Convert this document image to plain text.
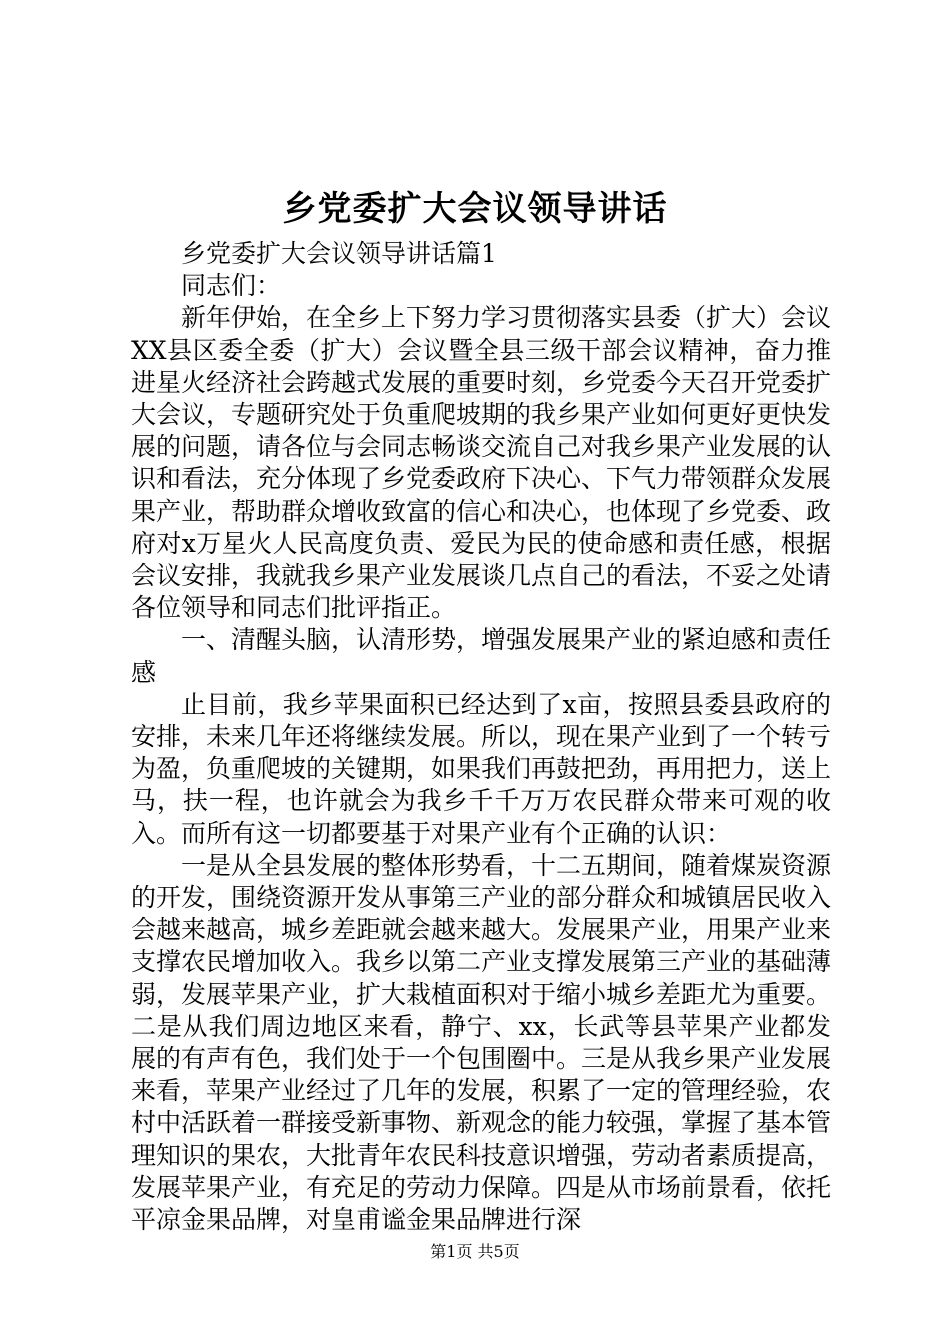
乡党委扩大会议领导讲话

乡党委扩大会议领导讲话篇1

同志们：

新年伊始，在全乡上下努力学习贯彻落实县委（扩大）会议XX县区委全委（扩大）会议暨全县三级干部会议精神，奋力推进星火经济社会跨越式发展的重要时刻，乡党委今天召开党委扩大会议，专题研究处于负重爬坡期的我乡果产业如何更好更快发展的问题，请各位与会同志畅谈交流自己对我乡果产业发展的认识和看法，充分体现了乡党委政府下决心、下气力带领群众发展果产业，帮助群众增收致富的信心和决心，也体现了乡党委、政府对x万星火人民高度负责、爱民为民的使命感和责任感，根据会议安排，我就我乡果产业发展谈几点自己的看法，不妥之处请各位领导和同志们批评指正。

一、清醒头脑，认清形势，增强发展果产业的紧迫感和责任感

止目前，我乡苹果面积已经达到了x亩，按照县委县政府的安排，未来几年还将继续发展。所以，现在果产业到了一个转亏为盈，负重爬坡的关键期，如果我们再鼓把劲，再用把力，送上马，扶一程，也许就会为我乡千千万万农民群众带来可观的收入。而所有这一切都要基于对果产业有个正确的认识：

一是从全县发展的整体形势看，十二五期间，随着煤炭资源的开发，围绕资源开发从事第三产业的部分群众和城镇居民收入会越来越高，城乡差距就会越来越大。发展果产业，用果产业来支撑农民增加收入。我乡以第二产业支撑发展第三产业的基础薄弱，发展苹果产业，扩大栽植面积对于缩小城乡差距尤为重要。二是从我们周边地区来看，静宁、xx，长武等县苹果产业都发展的有声有色，我们处于一个包围圈中。三是从我乡果产业发展来看，苹果产业经过了几年的发展，积累了一定的管理经验，农村中活跃着一群接受新事物、新观念的能力较强，掌握了基本管理知识的果农，大批青年农民科技意识增强，劳动者素质提高，发展苹果产业，有充足的劳动力保障。四是从市场前景看，依托平凉金果品牌，对皇甫谧金果品牌进行深

第1页 共5页
